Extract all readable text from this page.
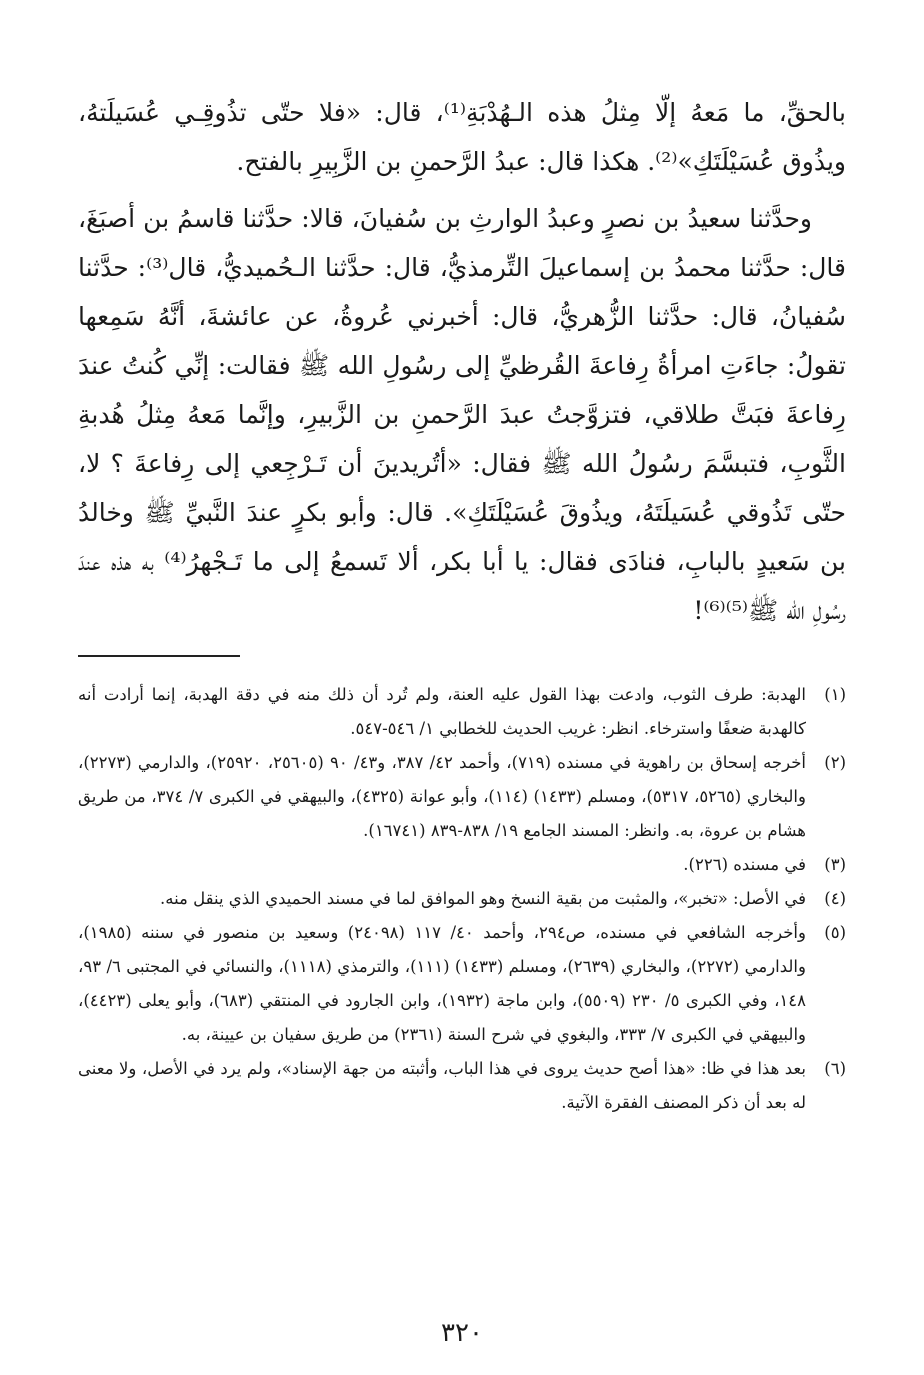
بالحقِّ، ما مَعهُ إلّا مِثلُ هذه الـهُدْبَةِ⁽¹⁾، قال: «فلا حتّى تذُوقِـي عُسَيلَتهُ، ويذُوق عُسَيْلَتَكِ»⁽²⁾. هكذا قال: عبدُ الرَّحمنِ بن الزَّبِيرِ بالفتح.

وحدَّثنا سعيدُ بن نصرٍ وعبدُ الوارثِ بن سُفيانَ، قالا: حدَّثنا قاسمُ بن أصبَغَ، قال: حدَّثنا محمدُ بن إسماعيلَ التِّرمذيُّ، قال: حدَّثنا الـحُميديُّ، قال⁽³⁾: حدَّثنا سُفيانُ، قال: حدَّثنا الزُّهريُّ، قال: أخبرني عُروةُ، عن عائشةَ، أنَّهُ سَمِعها تقولُ: جاءَتِ امرأةُ رِفاعةَ القُرظيِّ إلى رسُولِ الله ﷺ فقالت: إنِّي كُنتُ عندَ رِفاعةَ فبَتَّ طلاقي، فتزوَّجتُ عبدَ الرَّحمنِ بن الزَّبيرِ، وإنَّما مَعهُ مِثلُ هُدبةِ الثَّوبِ، فتبسَّمَ رسُولُ الله ﷺ فقال: «أتُريدينَ أن تَـرْجِعي إلى رِفاعةَ ؟ لا، حتّى تَذُوقي عُسَيلَتَهُ، ويذُوقَ عُسَيْلَتَكِ». قال: وأبو بكرٍ عندَ النَّبيِّ ﷺ وخالدُ بن سَعيدٍ بالبابِ، فنادَى فقال: يا أبا بكر، ألا تَسمعُ إلى ما تَـجْهرُ⁽⁴⁾ به هذه عندَ رسُولِ الله ﷺ⁽⁵⁾⁽⁶⁾!

(١)
الهدبة: طرف الثوب، وادعت بهذا القول عليه العنة، ولم تُرد أن ذلك منه في دقة الهدبة، إنما أرادت أنه كالهدبة ضعفًا واسترخاء. انظر: غريب الحديث للخطابي ١/ ٥٤٦-٥٤٧.
(٢)
أخرجه إسحاق بن راهوية في مسنده (٧١٩)، وأحمد ٤٢/ ٣٨٧، و٤٣/ ٩٠ (٢٥٦٠٥، ٢٥٩٢٠)، والدارمي (٢٢٧٣)، والبخاري (٥٢٦٥، ٥٣١٧)، ومسلم (١٤٣٣) (١١٤)، وأبو عوانة (٤٣٢٥)، والبيهقي في الكبرى ٧/ ٣٧٤، من طريق هشام بن عروة، به. وانظر: المسند الجامع ١٩/ ٨٣٨-٨٣٩ (١٦٧٤١).
(٣)
في مسنده (٢٢٦).
(٤)
في الأصل: «تخبر»، والمثبت من بقية النسخ وهو الموافق لما في مسند الحميدي الذي ينقل منه.
(٥)
وأخرجه الشافعي في مسنده، ص٢٩٤، وأحمد ٤٠/ ١١٧ (٢٤٠٩٨) وسعيد بن منصور في سننه (١٩٨٥)، والدارمي (٢٢٧٢)، والبخاري (٢٦٣٩)، ومسلم (١٤٣٣) (١١١)، والترمذي (١١١٨)، والنسائي في المجتبى ٦/ ٩٣، ١٤٨، وفي الكبرى ٥/ ٢٣٠ (٥٥٠٩)، وابن ماجة (١٩٣٢)، وابن الجارود في المنتقي (٦٨٣)، وأبو يعلى (٤٤٢٣)، والبيهقي في الكبرى ٧/ ٣٣٣، والبغوي في شرح السنة (٢٣٦١) من طريق سفيان بن عيينة، به.
(٦)
بعد هذا في ظا: «هذا أصح حديث يروى في هذا الباب، وأثبته من جهة الإسناد»، ولم يرد في الأصل، ولا معنى له بعد أن ذكر المصنف الفقرة الآتية.
٣٢٠
